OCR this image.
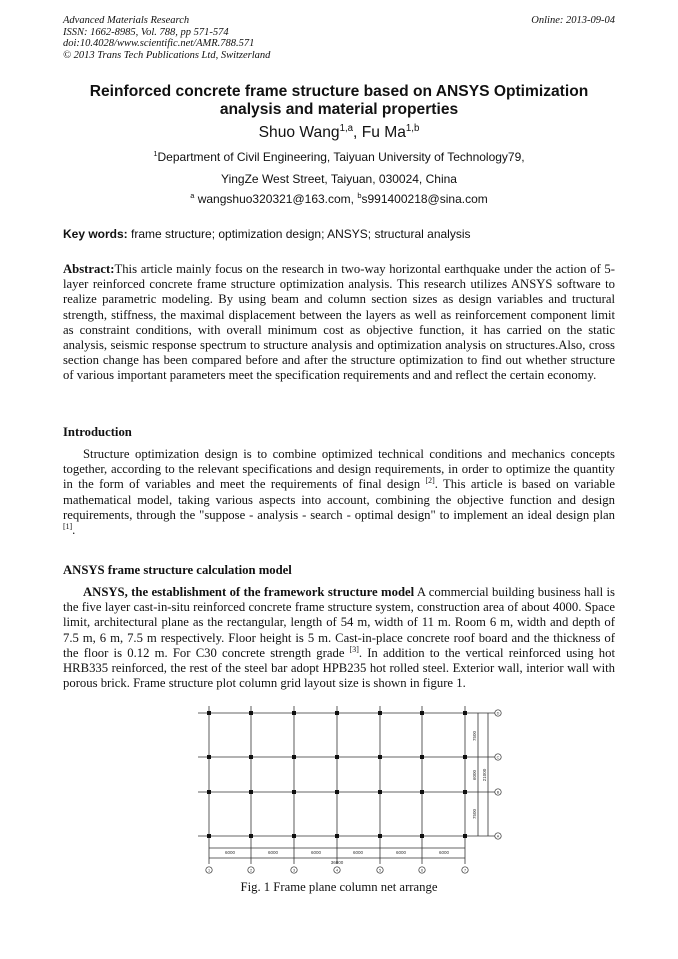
Advanced Materials Research
ISSN: 1662-8985, Vol. 788, pp 571-574
doi:10.4028/www.scientific.net/AMR.788.571
© 2013 Trans Tech Publications Ltd, Switzerland
Online: 2013-09-04
Reinforced concrete frame structure based on ANSYS Optimization analysis and material properties
Shuo Wang$^{1,a}$, Fu Ma$^{1,b}$
$^1$Department of Civil Engineering, Taiyuan University of Technology79,
YingZe West Street, Taiyuan, 030024, China
$^a$ wangshuo320321@163.com, $^b$s991400218@sina.com
Key words: frame structure; optimization design; ANSYS; structural analysis
Abstract:This article mainly focus on the research in two-way horizontal earthquake under the action of 5-layer reinforced concrete frame structure optimization analysis. This research utilizes ANSYS software to realize parametric modeling. By using beam and column section sizes as design variables and tructural strength, stiffness, the maximal displacement between the layers as well as reinforcement component limit as constraint conditions, with overall minimum cost as objective function, it has carried on the static analysis, seismic response spectrum to structure analysis and optimization analysis on structures.Also, cross section change has been compared before and after the structure optimization to find out whether structure of various important parameters meet the specification requirements and and reflect the certain economy.
Introduction
Structure optimization design is to combine optimized technical conditions and mechanics concepts together, according to the relevant specifications and design requirements, in order to optimize the quantity in the form of variables and meet the requirements of final design [2]. This article is based on variable mathematical model, taking various aspects into account, combining the objective function and design requirements, through the "suppose - analysis - search - optimal design" to implement an ideal design plan [1].
ANSYS frame structure calculation model
ANSYS, the establishment of the framework structure model A commercial building business hall is the five layer cast-in-situ reinforced concrete frame structure system, construction area of about 4000. Space limit, architectural plane as the rectangular, length of 54 m, width of 11 m. Room 6 m, width and depth of 7.5 m, 6 m, 7.5 m respectively. Floor height is 5 m. Cast-in-place concrete roof board and the thickness of the floor is 0.12 m. For C30 concrete strength grade [3]. In addition to the vertical reinforced using hot HRB335 reinforced, the rest of the steel bar adopt HPB235 hot rolled steel. Exterior wall, interior wall with porous brick. Frame structure plot column grid layout size is shown in figure 1.
6000	6000	6000	6000	6000	6000
36000
7500
6000
7500
21000
1	2	3	4	5	6	7
D
C
B
A
Fig. 1 Frame plane column net arrange
